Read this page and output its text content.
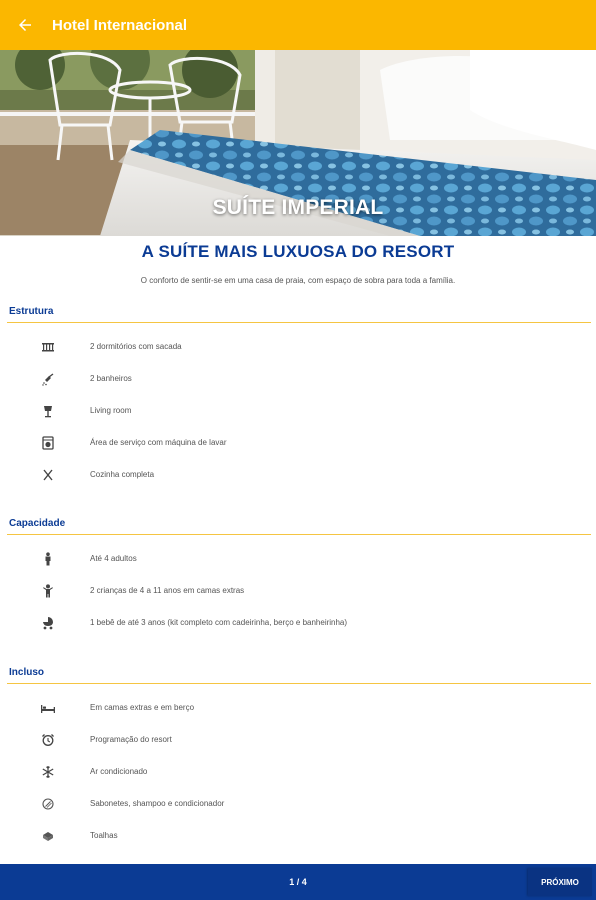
Hotel Internacional
SUÍTE IMPERIAL
A SUÍTE MAIS LUXUOSA DO RESORT
O conforto de sentir-se em uma casa de praia, com espaço de sobra para toda a família.
Estrutura
2 dormitórios com sacada
2 banheiros
Living room
Área de serviço com máquina de lavar
Cozinha completa
Capacidade
Até 4 adultos
2 crianças de 4 a 11 anos em camas extras
1 bebê de até 3 anos (kit completo com cadeirinha, berço e banheirinha)
Incluso
Em camas extras e em berço
Programação do resort
Ar condicionado
Sabonetes, shampoo e condicionador
Toalhas
1 / 4	PRÓXIMO
